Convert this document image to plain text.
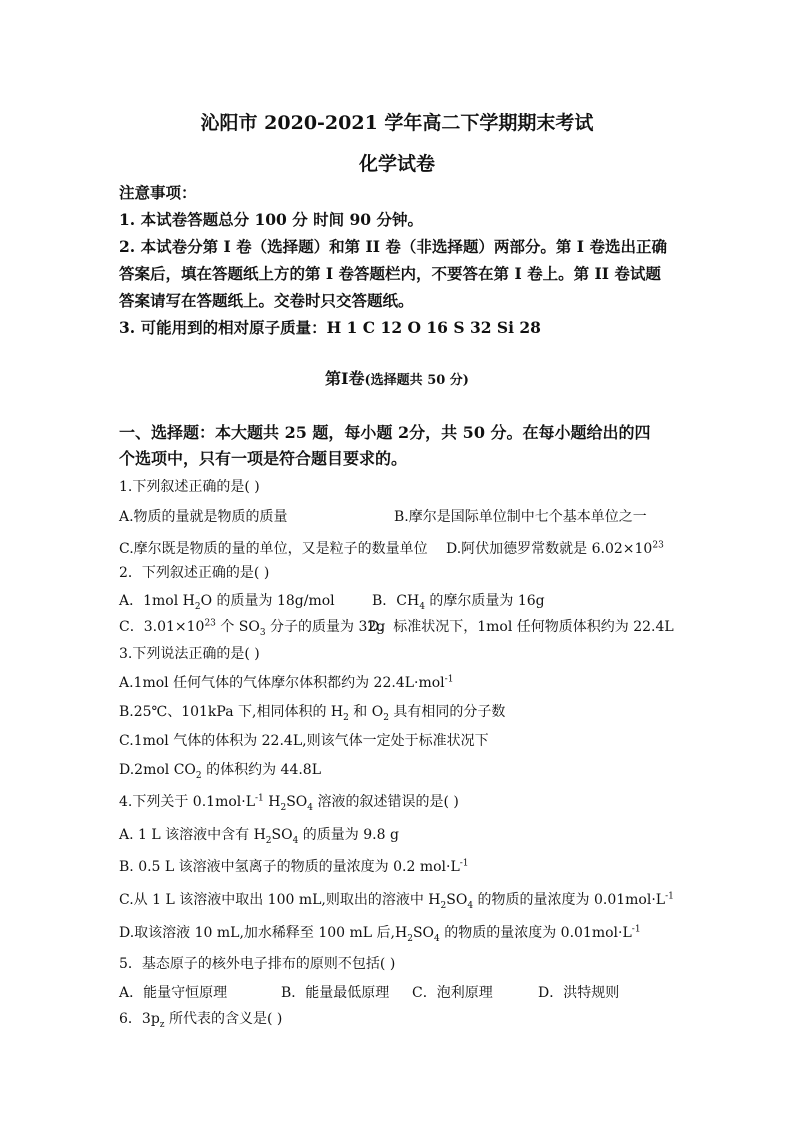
沁阳市 2020-2021 学年高二下学期期末考试
化学试卷
注意事项：
1. 本试卷答题总分 100 分 时间 90 分钟。
2. 本试卷分第 Ⅰ 卷（选择题）和第 ⅠⅠ 卷（非选择题）两部分。第 Ⅰ 卷选出正确
答案后，填在答题纸上方的第 Ⅰ 卷答题栏内，不要答在第 Ⅰ 卷上。第 ⅠⅠ 卷试题
答案请写在答题纸上。交卷时只交答题纸。
3. 可能用到的相对原子质量：H 1 C 12 O 16 S 32 Si 28
第Ⅰ卷(选择题共 50 分)
一、选择题：本大题共 25 题，每小题 2分，共 50 分。在每小题给出的四
个选项中，只有一项是符合题目要求的。
1.下列叙述正确的是( )
A.物质的量就是物质的质量	B.摩尔是国际单位制中七个基本单位之一
C.摩尔既是物质的量的单位，又是粒子的数量单位 D.阿伏加德罗常数就是 $6.02\times 10^{23}$
2．下列叙述正确的是( )
A．1mol $H_2O$ 的质量为 18g/mol	B．$CH_4$ 的摩尔质量为 16g
C．$3.01\times 10^{23}$ 个 $SO_3$ 分子的质量为 32g
D．标准状况下，1mol 任何物质体积约为 22.4L
3.下列说法正确的是( )
A.1mol 任何气体的气体摩尔体积都约为 22.4L·mol$^{-1}$
B.25℃、101kPa 下,相同体积的 $H_2$ 和 $O_2$ 具有相同的分子数
C.1mol 气体的体积为 22.4L,则该气体一定处于标准状况下
D.2mol $CO_2$ 的体积约为 44.8L
4.下列关于 $0.1mol\cdot L^{-1}$ $H_2SO_4$ 溶液的叙述错误的是( )
A. 1 L 该溶液中含有 $H_2SO_4$ 的质量为 9.8 g
B. 0.5 L 该溶液中氢离子的物质的量浓度为 0.2 $mol\cdot L^{-1}$
C.从 1 L 该溶液中取出 100 mL,则取出的溶液中 $H_2SO_4$ 的物质的量浓度为 $0.01mol\cdot L^{-1}$
D.取该溶液 10 mL,加水稀释至 100 mL 后$,H_2SO_4$ 的物质的量浓度为 $0.01mol\cdot L^{-1}$
5．基态原子的核外电子排布的原则不包括( )
A．能量守恒原理	B．能量最低原理 C．泡利原理	D．洪特规则
6．$3p_z$ 所代表的含义是( )
